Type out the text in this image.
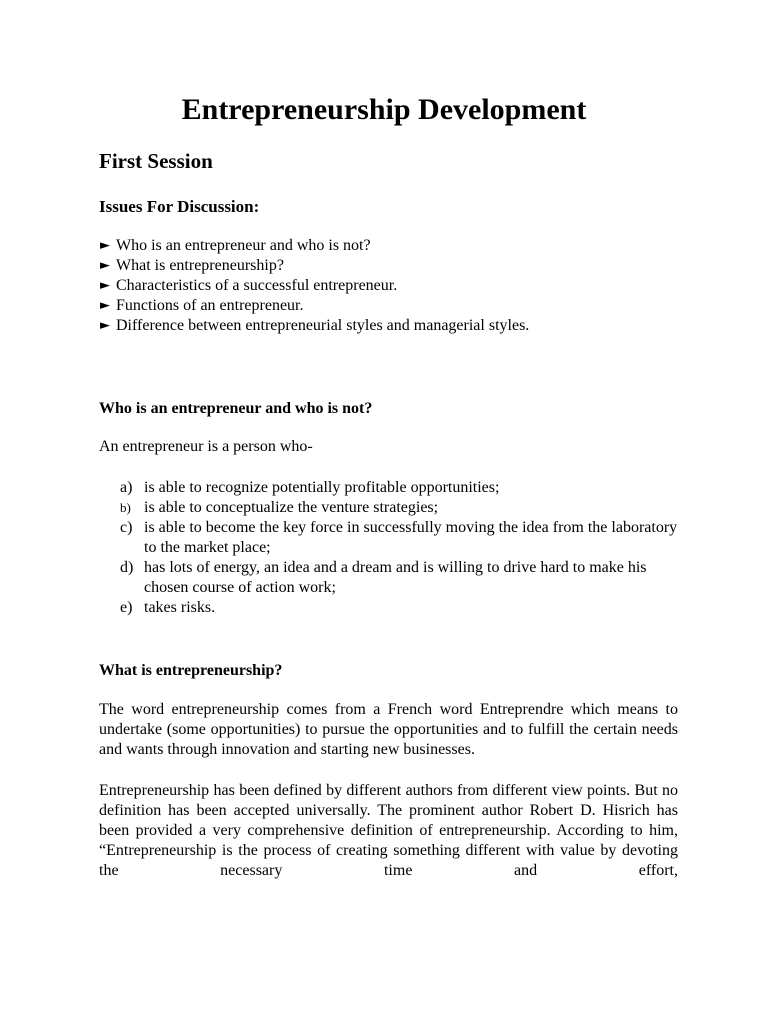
Entrepreneurship Development
First Session
Issues For Discussion:
► Who is an entrepreneur and who is not?
► What is entrepreneurship?
► Characteristics of a successful entrepreneur.
► Functions of an entrepreneur.
► Difference between entrepreneurial styles and managerial styles.
Who is an entrepreneur and who is not?

An entrepreneur is a person who-

a) is able to recognize potentially profitable opportunities;
b) is able to conceptualize the venture strategies;
c) is able to become the key force in successfully moving the idea from the laboratory to the market place;
d) has lots of energy, an idea and a dream and is willing to drive hard to make his chosen course of action work;
e) takes risks.
What is entrepreneurship?

The word entrepreneurship comes from a French word Entreprendre which means to undertake (some opportunities) to pursue the opportunities and to fulfill the certain needs and wants through innovation and starting new businesses.

Entrepreneurship has been defined by different authors from different view points. But no definition has been accepted universally. The prominent author Robert D. Hisrich has been provided a very comprehensive definition of entrepreneurship. According to him, “Entrepreneurship is the process of creating something different with value by devoting the necessary time and effort,
